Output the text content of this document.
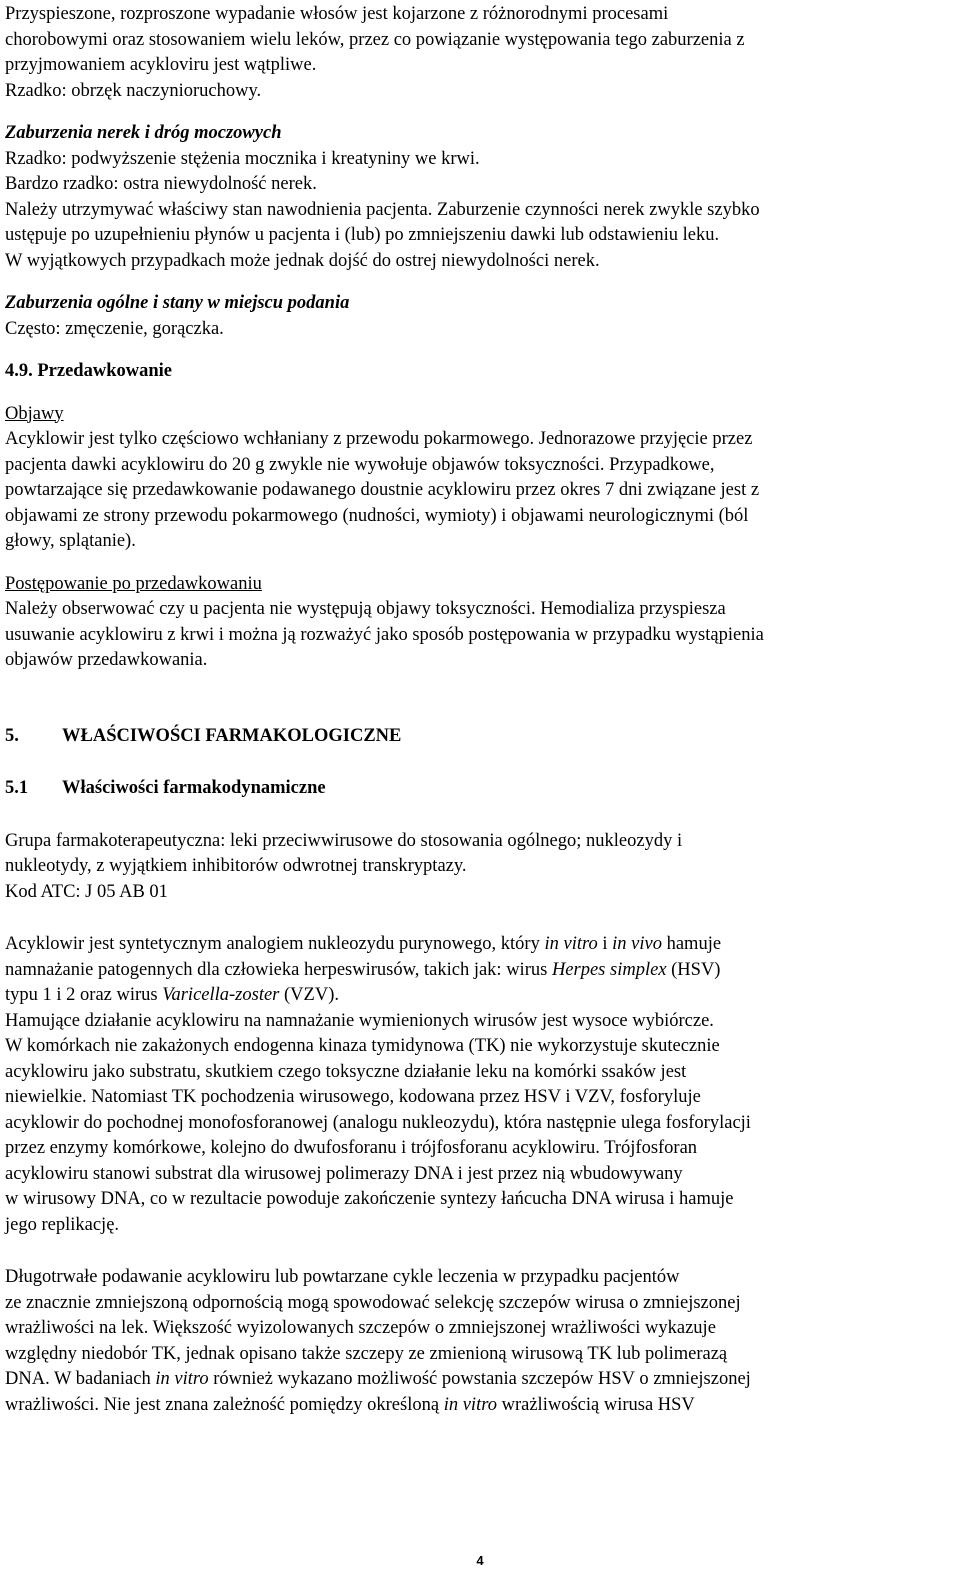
Przyspieszone, rozproszone wypadanie włosów jest kojarzone z różnorodnymi procesami
chorobowymi oraz stosowaniem wielu leków, przez co powiązanie występowania tego zaburzenia z
przyjmowaniem acykloviru jest wątpliwe.
Rzadko: obrzęk naczynioruchowy.
Zaburzenia nerek i dróg moczowych
Rzadko: podwyższenie stężenia mocznika i kreatyniny we krwi.
Bardzo rzadko: ostra niewydolność nerek.
Należy utrzymywać właściwy stan nawodnienia pacjenta. Zaburzenie czynności nerek zwykle szybko
ustępuje po uzupełnieniu płynów u pacjenta i (lub) po zmniejszeniu dawki lub odstawieniu leku.
W wyjątkowych przypadkach może jednak dojść do ostrej niewydolności nerek.
Zaburzenia ogólne i stany w miejscu podania
Często: zmęczenie, gorączka.
4.9. Przedawkowanie
Objawy
Acyklowir jest tylko częściowo wchłaniany z przewodu pokarmowego. Jednorazowe przyjęcie przez
pacjenta dawki acyklowiru do 20 g zwykle nie wywołuje objawów toksyczności. Przypadkowe,
powtarzające się przedawkowanie podawanego doustnie acyklowiru przez okres 7 dni związane jest z
objawami ze strony przewodu pokarmowego (nudności, wymioty) i objawami neurologicznymi (ból
głowy, splątanie).
Postępowanie po przedawkowaniu
Należy obserwować czy u pacjenta nie występują objawy toksyczności. Hemodializa przyspiesza
usuwanie acyklowiru z krwi i można ją rozważyć jako sposób postępowania w przypadku wystąpienia
objawów przedawkowania.
5. WŁAŚCIWOŚCI FARMAKOLOGICZNE
5.1 Właściwości farmakodynamiczne
Grupa farmakoterapeutyczna: leki przeciwwirusowe do stosowania ogólnego; nukleozydy i
nukleotydy, z wyjątkiem inhibitorów odwrotnej transkryptazy.
Kod ATC: J 05 AB 01
Acyklowir jest syntetycznym analogiem nukleozydu purynowego, który in vitro i in vivo hamuje
namnażanie patogennych dla człowieka herpeswirusów, takich jak: wirus Herpes simplex (HSV)
typu 1 i 2 oraz wirus Varicella-zoster (VZV).
Hamujące działanie acyklowiru na namnażanie wymienionych wirusów jest wysoce wybiórcze.
W komórkach nie zakażonych endogenna kinaza tymidynowa (TK) nie wykorzystuje skutecznie
acyklowiru jako substratu, skutkiem czego toksyczne działanie leku na komórki ssaków jest
niewielkie. Natomiast TK pochodzenia wirusowego, kodowana przez HSV i VZV, fosforyluje
acyklowir do pochodnej monofosforanowej (analogu nukleozydu), która następnie ulega fosforylacji
przez enzymy komórkowe, kolejno do dwufosforanu i trójfosforanu acyklowiru. Trójfosforan
acyklowiru stanowi substrat dla wirusowej polimerazy DNA i jest przez nią wbudowywany
w wirusowy DNA, co w rezultacie powoduje zakończenie syntezy łańcucha DNA wirusa i hamuje
jego replikację.
Długotrwałe podawanie acyklowiru lub powtarzane cykle leczenia w przypadku pacjentów
ze znacznie zmniejszoną odpornością mogą spowodować selekcję szczepów wirusa o zmniejszonej
wrażliwości na lek. Większość wyizolowanych szczepów o zmniejszonej wrażliwości wykazuje
względny niedobór TK, jednak opisano także szczepy ze zmienioną wirusową TK lub polimerazą
DNA. W badaniach in vitro również wykazano możliwość powstania szczepów HSV o zmniejszonej
wrażliwości. Nie jest znana zależność pomiędzy określoną in vitro wrażliwością wirusa HSV
4
